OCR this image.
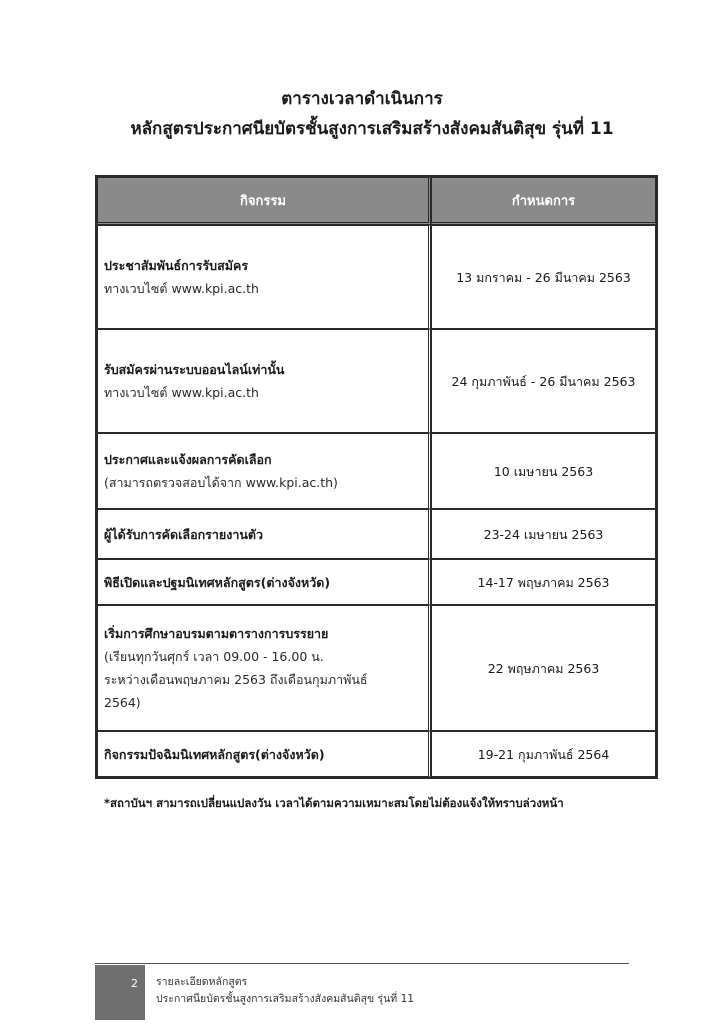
ตารางเวลาดำเนินการ
หลักสูตรประกาศนียบัตรชั้นสูงการเสริมสร้างสังคมสันติสุข รุ่นที่ 11
กิจกรรม	กำหนดการ

ประชาสัมพันธ์การรับสมัคร
ทางเวบไซต์ www.kpi.ac.th	13 มกราคม - 26 มีนาคม 2563

รับสมัครผ่านระบบออนไลน์เท่านั้น
ทางเวบไซต์ www.kpi.ac.th	24 กุมภาพันธ์ - 26 มีนาคม 2563

ประกาศและแจ้งผลการคัดเลือก
(สามารถตรวจสอบได้จาก www.kpi.ac.th)	10 เมษายน 2563

ผู้ได้รับการคัดเลือกรายงานตัว	23-24 เมษายน 2563

พิธีเปิดและปฐมนิเทศหลักสูตร(ต่างจังหวัด)	14-17 พฤษภาคม 2563

เริ่มการศึกษาอบรมตามตารางการบรรยาย
(เรียนทุกวันศุกร์ เวลา 09.00 - 16.00 น.
ระหว่างเดือนพฤษภาคม 2563 ถึงเดือนกุมภาพันธ์
2564)	22 พฤษภาคม 2563

กิจกรรมปัจฉิมนิเทศหลักสูตร(ต่างจังหวัด)	19-21 กุมภาพันธ์ 2564
*สถาบันฯ สามารถเปลี่ยนแปลงวัน เวลาได้ตามความเหมาะสมโดยไม่ต้องแจ้งให้ทราบล่วงหน้า
2 รายละเอียดหลักสูตร
ประกาศนียบัตรชั้นสูงการเสริมสร้างสังคมสันติสุข รุ่นที่ 11
